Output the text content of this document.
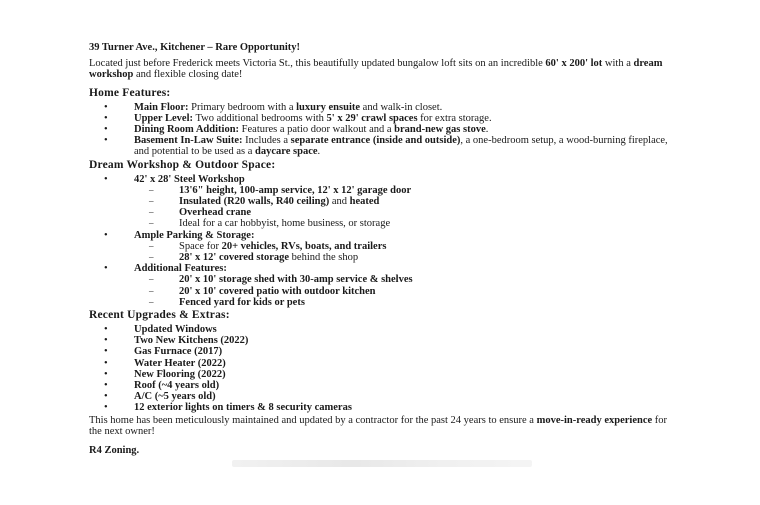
39 Turner Ave., Kitchener – Rare Opportunity!

Located just before Frederick meets Victoria St., this beautifully updated bungalow loft sits on an incredible 60' x 200' lot with a dream workshop and flexible closing date!

Home Features:
•	Main Floor: Primary bedroom with a luxury ensuite and walk-in closet.
•	Upper Level: Two additional bedrooms with 5' x 29' crawl spaces for extra storage.
•	Dining Room Addition: Features a patio door walkout and a brand-new gas stove.
•	Basement In-Law Suite: Includes a separate entrance (inside and outside), a one-bedroom setup, a wood-burning fireplace, and potential to be used as a daycare space.
Dream Workshop & Outdoor Space:
•	42' x 28' Steel Workshop
– 13'6" height, 100-amp service, 12' x 12' garage door
– Insulated (R20 walls, R40 ceiling) and heated
– Overhead crane
– Ideal for a car hobbyist, home business, or storage
•	Ample Parking & Storage:
– Space for 20+ vehicles, RVs, boats, and trailers
– 28' x 12' covered storage behind the shop
•	Additional Features:
– 20' x 10' storage shed with 30-amp service & shelves
– 20' x 10' covered patio with outdoor kitchen
– Fenced yard for kids or pets
Recent Upgrades & Extras:
•	Updated Windows
•	Two New Kitchens (2022)
•	Gas Furnace (2017)
•	Water Heater (2022)
•	New Flooring (2022)
•	Roof (~4 years old)
•	A/C (~5 years old)
•	12 exterior lights on timers & 8 security cameras

This home has been meticulously maintained and updated by a contractor for the past 24 years to ensure a move-in-ready experience for the next owner!

R4 Zoning.
